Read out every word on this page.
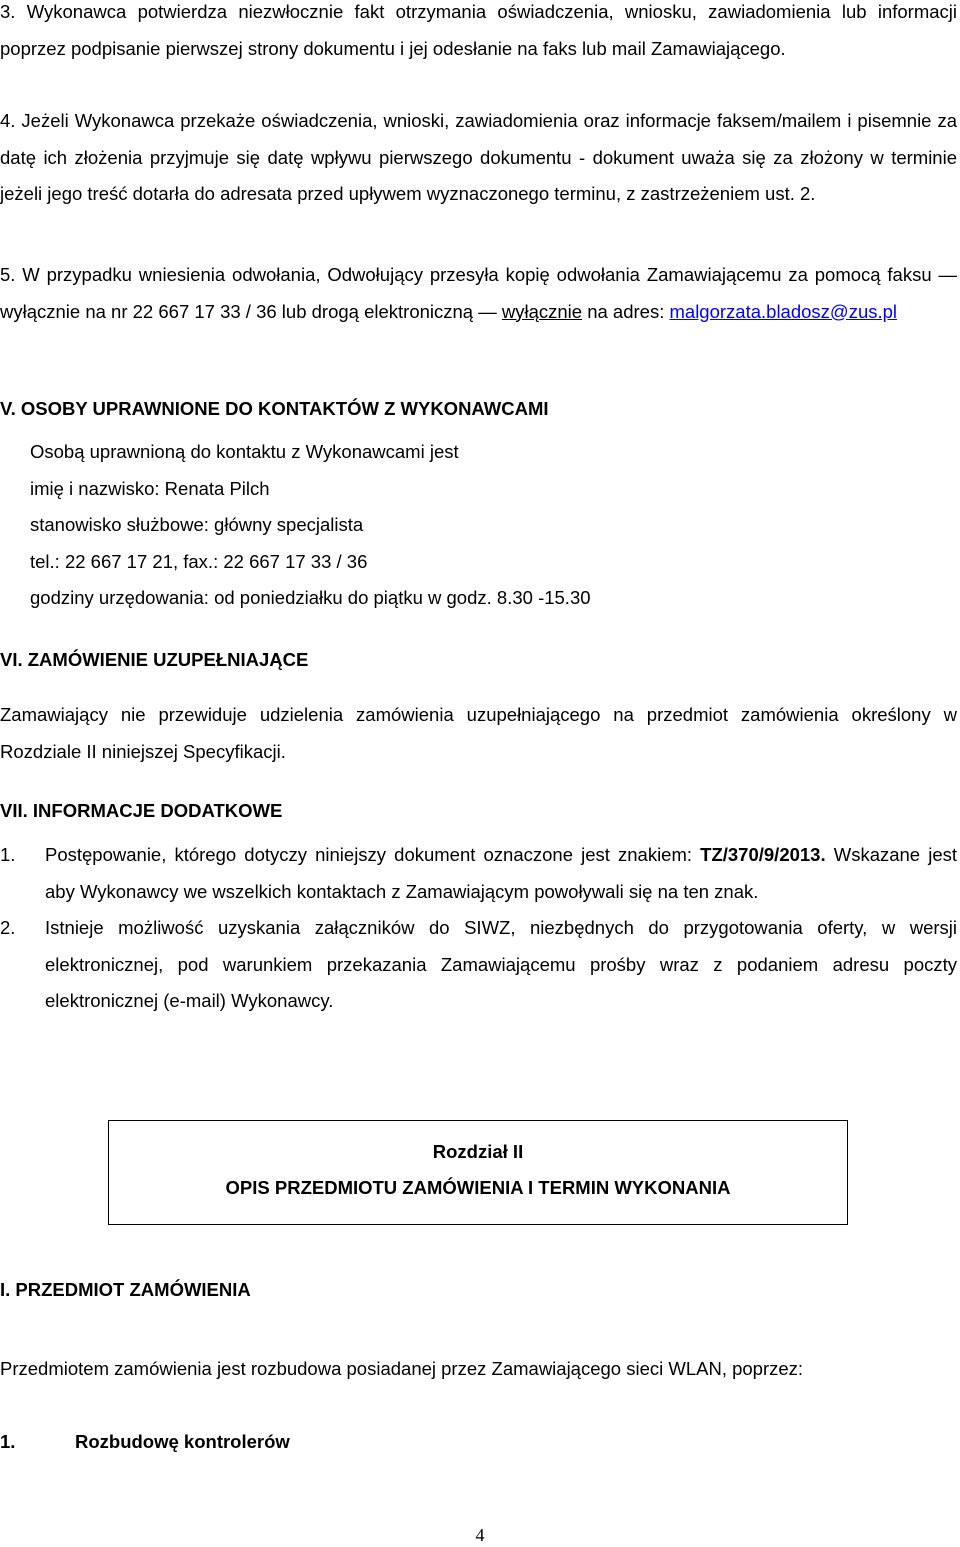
3. Wykonawca potwierdza niezwłocznie fakt otrzymania oświadczenia, wniosku, zawiadomienia lub informacji poprzez podpisanie pierwszej strony dokumentu i jej odesłanie na faks lub mail Zamawiającego.

4. Jeżeli Wykonawca przekaże oświadczenia, wnioski, zawiadomienia oraz informacje faksem/mailem i pisemnie za datę ich złożenia przyjmuje się datę wpływu pierwszego dokumentu - dokument uważa się za złożony w terminie jeżeli jego treść dotarła do adresata przed upływem wyznaczonego terminu, z zastrzeżeniem ust. 2.

5. W przypadku wniesienia odwołania, Odwołujący przesyła kopię odwołania Zamawiającemu za pomocą faksu — wyłącznie na nr 22 667 17 33 / 36 lub drogą elektroniczną — wyłącznie na adres: malgorzata.bladosz@zus.pl

V. OSOBY UPRAWNIONE DO KONTAKTÓW Z WYKONAWCAMI

Osobą uprawnioną do kontaktu z Wykonawcami jest

imię i nazwisko: Renata Pilch

stanowisko służbowe: główny specjalista

tel.: 22 667 17 21, fax.: 22 667 17 33 / 36

godziny urzędowania: od poniedziałku do piątku w godz. 8.30 -15.30

VI. ZAMÓWIENIE UZUPEŁNIAJĄCE

Zamawiający nie przewiduje udzielenia zamówienia uzupełniającego na przedmiot zamówienia określony w Rozdziale II niniejszej Specyfikacji.

VII. INFORMACJE DODATKOWE

1. Postępowanie, którego dotyczy niniejszy dokument oznaczone jest znakiem: TZ/370/9/2013. Wskazane jest aby Wykonawcy we wszelkich kontaktach z Zamawiającym powoływali się na ten znak.
2. Istnieje możliwość uzyskania załączników do SIWZ, niezbędnych do przygotowania oferty, w wersji elektronicznej, pod warunkiem przekazania Zamawiającemu prośby wraz z podaniem adresu poczty elektronicznej (e-mail) Wykonawcy.
Rozdział II
OPIS PRZEDMIOTU ZAMÓWIENIA I TERMIN WYKONANIA

I. PRZEDMIOT ZAMÓWIENIA

Przedmiotem zamówienia jest rozbudowa posiadanej przez Zamawiającego sieci WLAN, poprzez:

1.	Rozbudowę kontrolerów
4
